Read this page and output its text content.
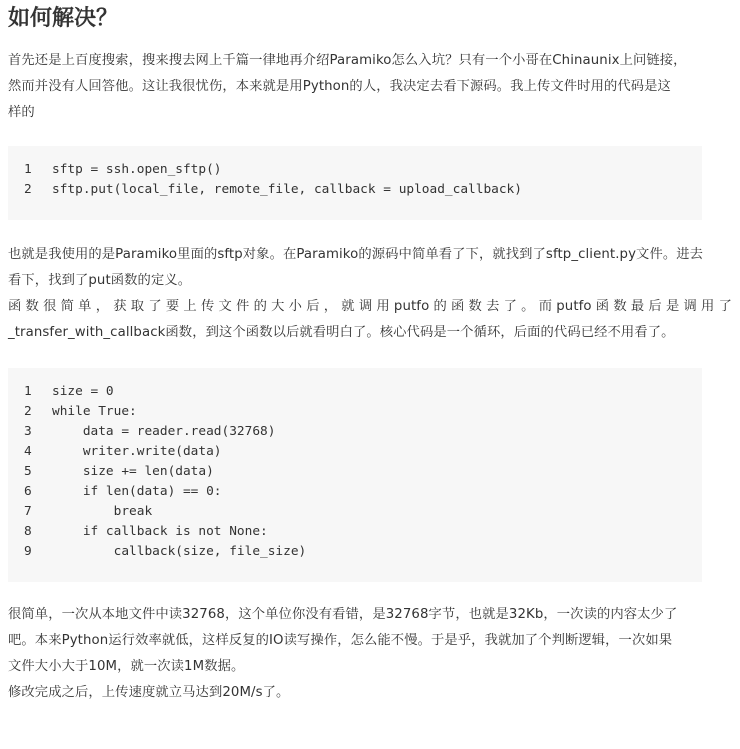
如何解决？
首先还是上百度搜索，搜来搜去网上千篇一律地再介绍Paramiko怎么入坑？只有一个小哥在Chinaunix上问链接，
然而并没有人回答他。这让我很忧伤，本来就是用Python的人，我决定去看下源码。我上传文件时用的代码是这
样的
1	sftp = ssh.open_sftp()
2	sftp.put(local_file, remote_file, callback = upload_callback)
也就是我使用的是Paramiko里面的sftp对象。在Paramiko的源码中简单看了下，就找到了sftp_client.py文件。进去
看下，找到了put函数的定义。
函数很简单，获取了要上传文件的大小后，就调用putfo的函数去了。而putfo函数最后是调用了
_transfer_with_callback函数，到这个函数以后就看明白了。核心代码是一个循环，后面的代码已经不用看了。
1	size = 0
2	while True:
3	data = reader.read(32768)
4	writer.write(data)
5	size += len(data)
6	if len(data) == 0:
7	break
8	if callback is not None:
9	callback(size, file_size)
很简单，一次从本地文件中读32768，这个单位你没有看错，是32768字节，也就是32Kb，一次读的内容太少了
吧。本来Python运行效率就低，这样反复的IO读写操作，怎么能不慢。于是乎，我就加了个判断逻辑，一次如果
文件大小大于10M，就一次读1M数据。
修改完成之后，上传速度就立马达到20M/s了。
